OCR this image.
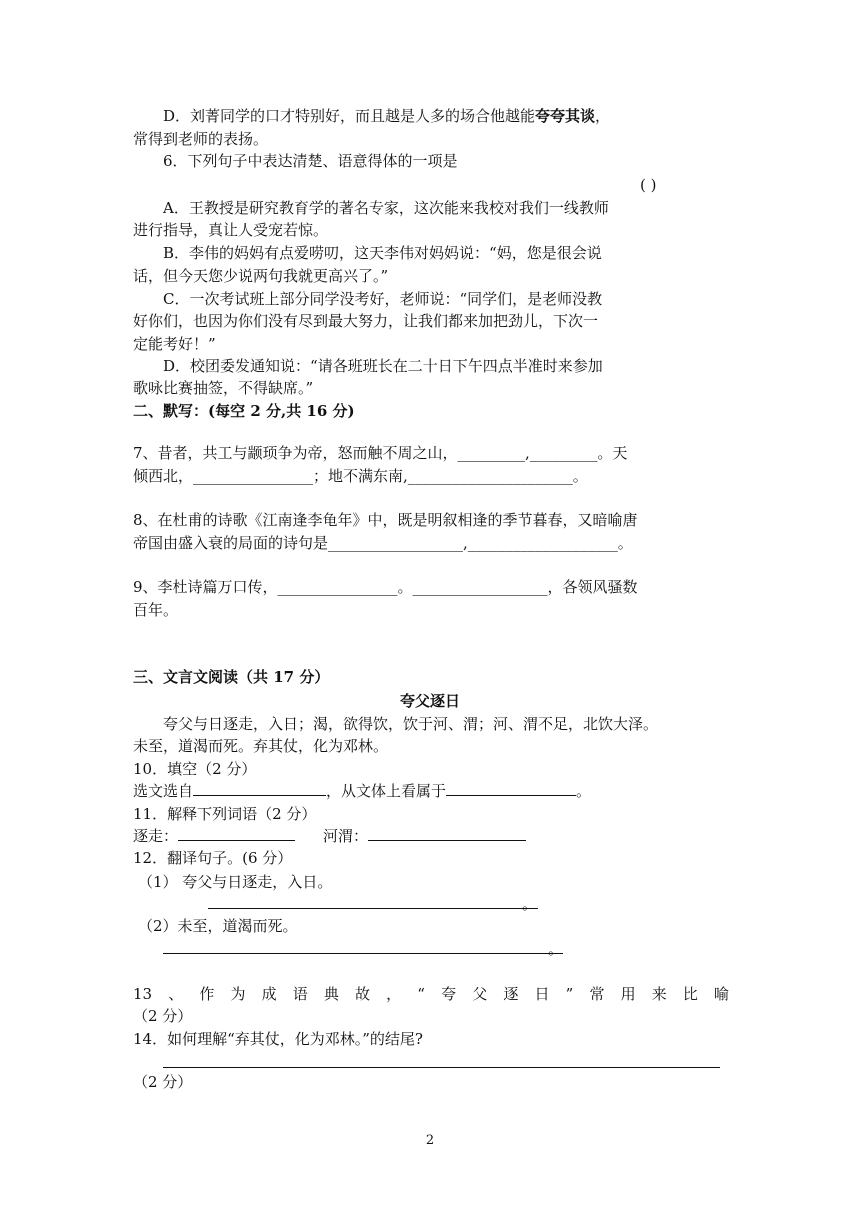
D．刘菁同学的口才特别好，而且越是人多的场合他越能夸夸其谈，
常得到老师的表扬。
6．下列句子中表达清楚、语意得体的一项是
( )
A．王教授是研究教育学的著名专家，这次能来我校对我们一线教师
进行指导，真让人受宠若惊。
B．李伟的妈妈有点爱唠叨，这天李伟对妈妈说：“妈，您是很会说
话，但今天您少说两句我就更高兴了。”
C．一次考试班上部分同学没考好，老师说：“同学们，是老师没教
好你们，也因为你们没有尽到最大努力，让我们都来加把劲儿，下次一
定能考好！”
D．校团委发通知说：“请各班班长在二十日下午四点半准时来参加
歌咏比赛抽签，不得缺席。”
二、默写：(每空 2 分,共 16 分)
7、昔者，共工与颛顼争为帝，怒而触不周之山，_________,_________。天
倾西北，________________；地不满东南,______________________。
8、在杜甫的诗歌《江南逢李龟年》中，既是明叙相逢的季节暮春，又暗喻唐
帝国由盛入衰的局面的诗句是__________________,____________________。
9、李杜诗篇万口传，________________。__________________，各领风骚数
百年。
三、文言文阅读（共 17 分）
夸父逐日
夸父与日逐走，入日；渴，欲得饮，饮于河、渭；河、渭不足，北饮大泽。
未至，道渴而死。弃其仗，化为邓林。
10．填空（2 分）
选文选自	，从文体上看属于	。
11．解释下列词语（2 分）
逐走：	河渭：
12．翻译句子。(6 分）
（1） 夸父与日逐走，入日。
。
（2）未至，道渴而死。
。
13、作为成语典故，“夸父逐日”常用来比喻
（2 分）
14．如何理解“弃其仗，化为邓林。”的结尾?
（2 分）
2
